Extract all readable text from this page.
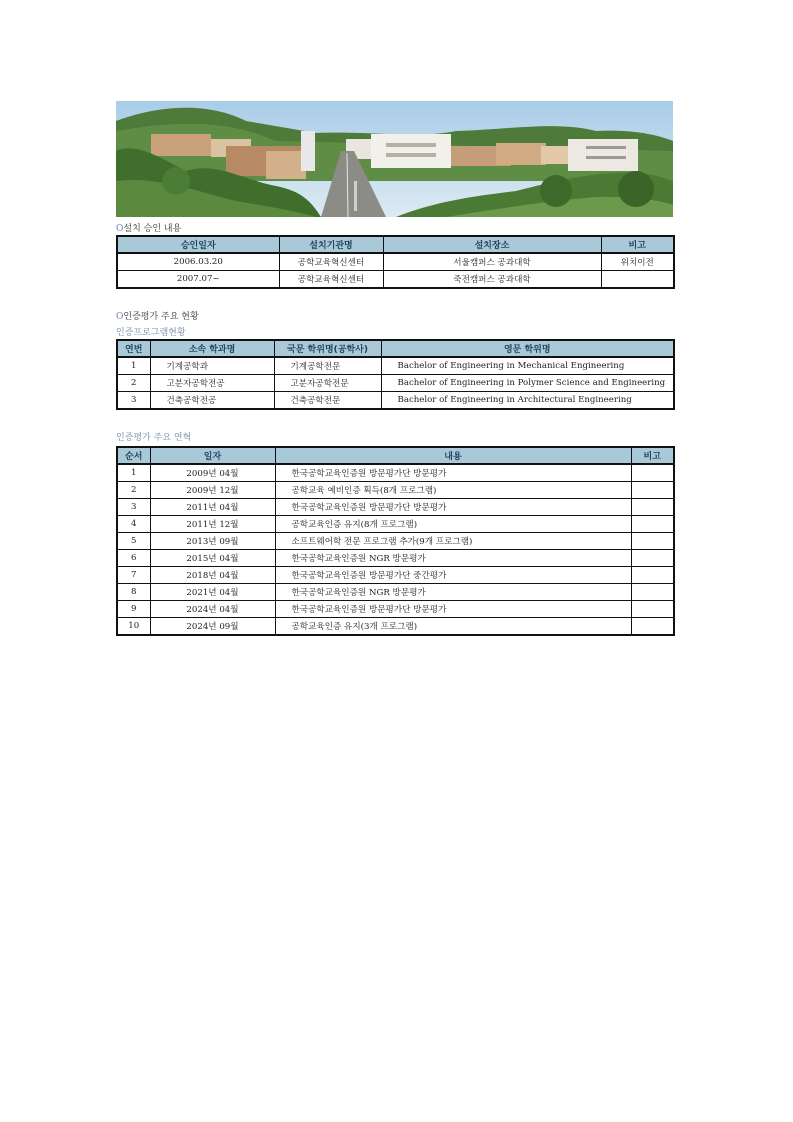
O설치 승인 내용

승인일자	설치기관명	설치장소	비고
2006.03.20	공학교육혁신센터	서울캠퍼스 공과대학	위치이전
2007.07~	공학교육혁신센터	죽전캠퍼스 공과대학	

O인증평가 주요 현황

인증프로그램현황

연번	소속 학과명	국문 학위명(공학사)	영문 학위명
1	기계공학과	기계공학전문	Bachelor of Engineering in Mechanical Engineering
2	고분자공학전공	고분자공학전문	Bachelor of Engineering in Polymer Science and Engineering
3	건축공학전공	건축공학전문	Bachelor of Engineering in Architectural Engineering

인증평가 주요 연혁

순서	일자	내용	비고
1	2009년 04월	한국공학교육인증원 방문평가단 방문평가	
2	2009년 12월	공학교육 예비인증 획득(8개 프로그램)	
3	2011년 04월	한국공학교육인증원 방문평가단 방문평가	
4	2011년 12월	공학교육인증 유지(8개 프로그램)	
5	2013년 09월	소프트웨어학 전문 프로그램 추가(9개 프로그램)	
6	2015년 04월	한국공학교육인증원 NGR 방문평가	
7	2018년 04월	한국공학교육인증원 방문평가단 중간평가	
8	2021년 04월	한국공학교육인증원 NGR 방문평가	
9	2024년 04월	한국공학교육인증원 방문평가단 방문평가	
10	2024년 09월	공학교육인증 유지(3개 프로그램)	
